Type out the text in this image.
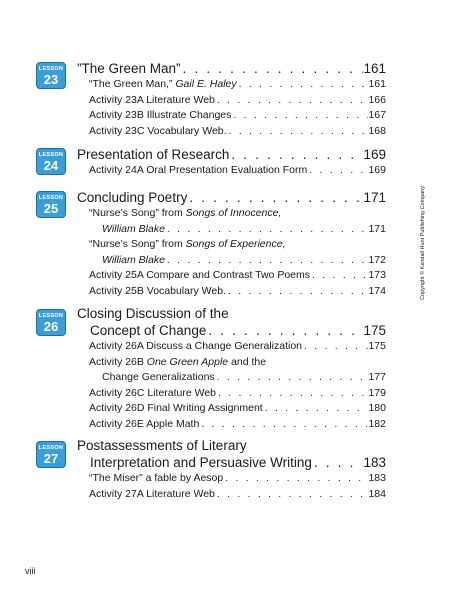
LESSON
23
”The Green Man” . . .	161
“The Green Man,” Gail E. Haley . . .	161
Activity 23A Literature Web . . .	166
Activity 23B Illustrate Changes . . .	167
Activity 23C Vocabulary Web. . . .	168
LESSON
24
Presentation of Research . . .	169
Activity 24A Oral Presentation Evaluation Form . . .	169
LESSON
25
Concluding Poetry . . .	171
“Nurse’s Song” from Songs of Innocence,
William Blake . . .	171
“Nurse’s Song” from Songs of Experience,
William Blake . . .	172
Activity 25A Compare and Contrast Two Poems . . .	173
Activity 25B Vocabulary Web. . . .	174
LESSON
26
Closing Discussion of the
Concept of Change . . .	175
Activity 26A Discuss a Change Generalization . . .	175
Activity 26B One Green Apple and the
Change Generalizations . . .	177
Activity 26C Literature Web . . .	179
Activity 26D Final Writing Assignment . . .	180
Activity 26E Apple Math . . .	182
LESSON
27
Postassessments of Literary
Interpretation and Persuasive Writing . . .	183
“The Miser” a fable by Aesop . . .	183
Activity 27A Literature Web . . .	184
Copyright © Kendall Hunt Publishing Company
viii
